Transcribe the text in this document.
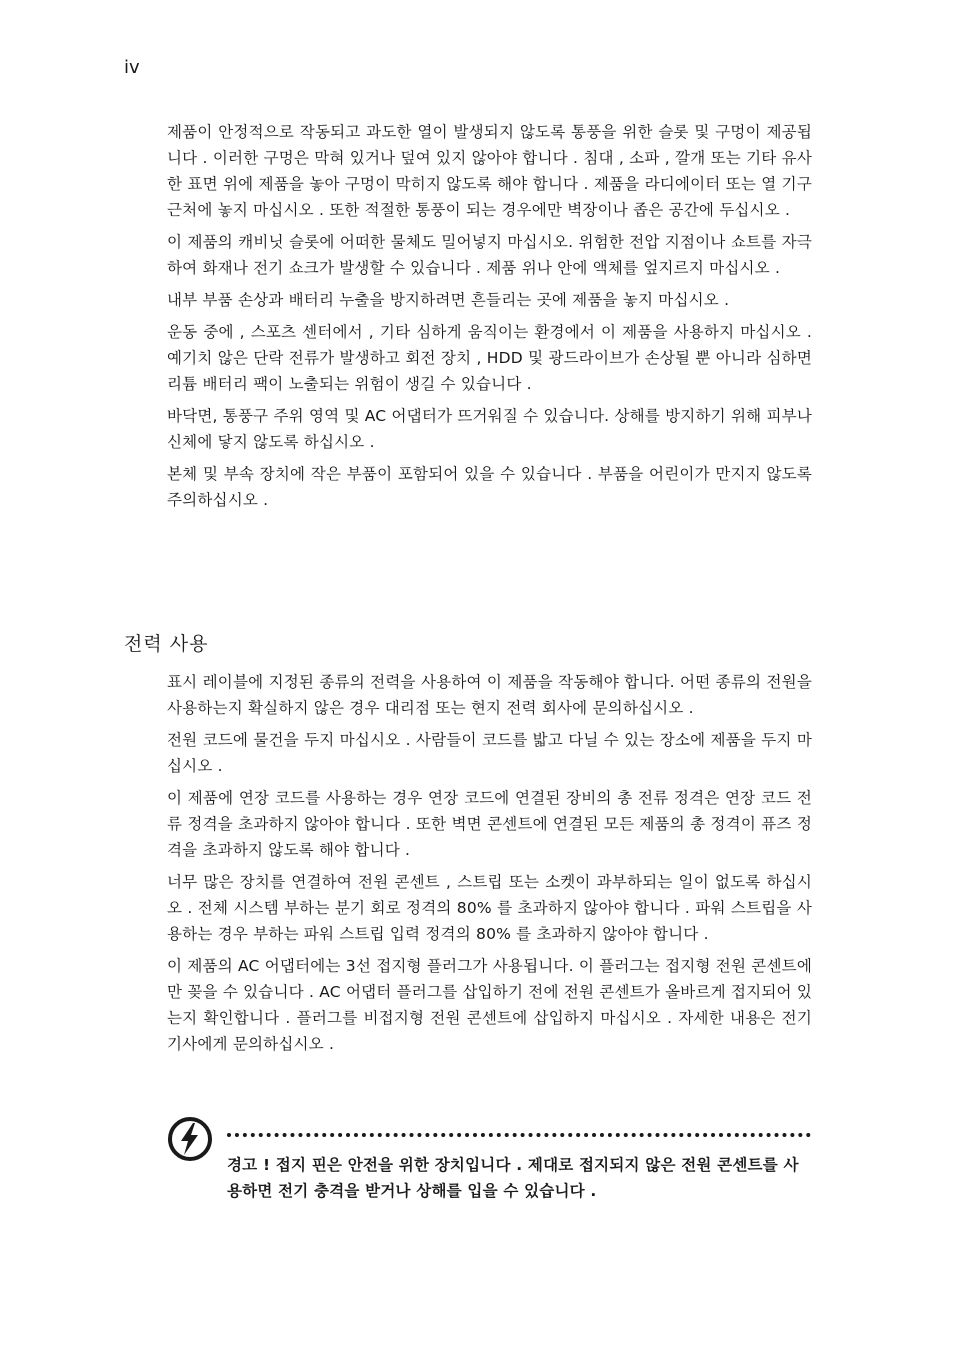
iv

제품이 안정적으로 작동되고 과도한 열이 발생되지 않도록 통풍을 위한 슬롯 및 구멍이 제공됩니다 . 이러한 구멍은 막혀 있거나 덮여 있지 않아야 합니다 . 침대 , 소파 , 깔개 또는 기타 유사한 표면 위에 제품을 놓아 구멍이 막히지 않도록 해야 합니다 . 제품을 라디에이터 또는 열 기구 근처에 놓지 마십시오 . 또한 적절한 통풍이 되는 경우에만 벽장이나 좁은 공간에 두십시오 .

이 제품의 캐비닛 슬롯에 어떠한 물체도 밀어넣지 마십시오. 위험한 전압 지점이나 쇼트를 자극하여 화재나 전기 쇼크가 발생할 수 있습니다 . 제품 위나 안에 액체를 엎지르지 마십시오 .

내부 부품 손상과 배터리 누출을 방지하려면 흔들리는 곳에 제품을 놓지 마십시오 .

운동 중에 , 스포츠 센터에서 , 기타 심하게 움직이는 환경에서 이 제품을 사용하지 마십시오 . 예기치 않은 단락 전류가 발생하고 회전 장치 , HDD 및 광드라이브가 손상될 뿐 아니라 심하면 리튬 배터리 팩이 노출되는 위험이 생길 수 있습니다 .

바닥면, 통풍구 주위 영역 및 AC 어댑터가 뜨거워질 수 있습니다. 상해를 방지하기 위해 피부나 신체에 닿지 않도록 하십시오 .

본체 및 부속 장치에 작은 부품이 포함되어 있을 수 있습니다 . 부품을 어린이가 만지지 않도록 주의하십시오 .

전력 사용

표시 레이블에 지정된 종류의 전력을 사용하여 이 제품을 작동해야 합니다. 어떤 종류의 전원을 사용하는지 확실하지 않은 경우 대리점 또는 현지 전력 회사에 문의하십시오 .

전원 코드에 물건을 두지 마십시오 . 사람들이 코드를 밟고 다닐 수 있는 장소에 제품을 두지 마십시오 .

이 제품에 연장 코드를 사용하는 경우 연장 코드에 연결된 장비의 총 전류 정격은 연장 코드 전류 정격을 초과하지 않아야 합니다 . 또한 벽면 콘센트에 연결된 모든 제품의 총 정격이 퓨즈 정격을 초과하지 않도록 해야 합니다 .

너무 많은 장치를 연결하여 전원 콘센트 , 스트립 또는 소켓이 과부하되는 일이 없도록 하십시오 . 전체 시스템 부하는 분기 회로 정격의 80% 를 초과하지 않아야 합니다 . 파워 스트립을 사용하는 경우 부하는 파워 스트립 입력 정격의 80% 를 초과하지 않아야 합니다 .

이 제품의 AC 어댑터에는 3선 접지형 플러그가 사용됩니다. 이 플러그는 접지형 전원 콘센트에만 꽂을 수 있습니다 . AC 어댑터 플러그를 삽입하기 전에 전원 콘센트가 올바르게 접지되어 있는지 확인합니다 . 플러그를 비접지형 전원 콘센트에 삽입하지 마십시오 . 자세한 내용은 전기 기사에게 문의하십시오 .

경고 ! 접지 핀은 안전을 위한 장치입니다 . 제대로 접지되지 않은 전원 콘센트를 사용하면 전기 충격을 받거나 상해를 입을 수 있습니다 .
